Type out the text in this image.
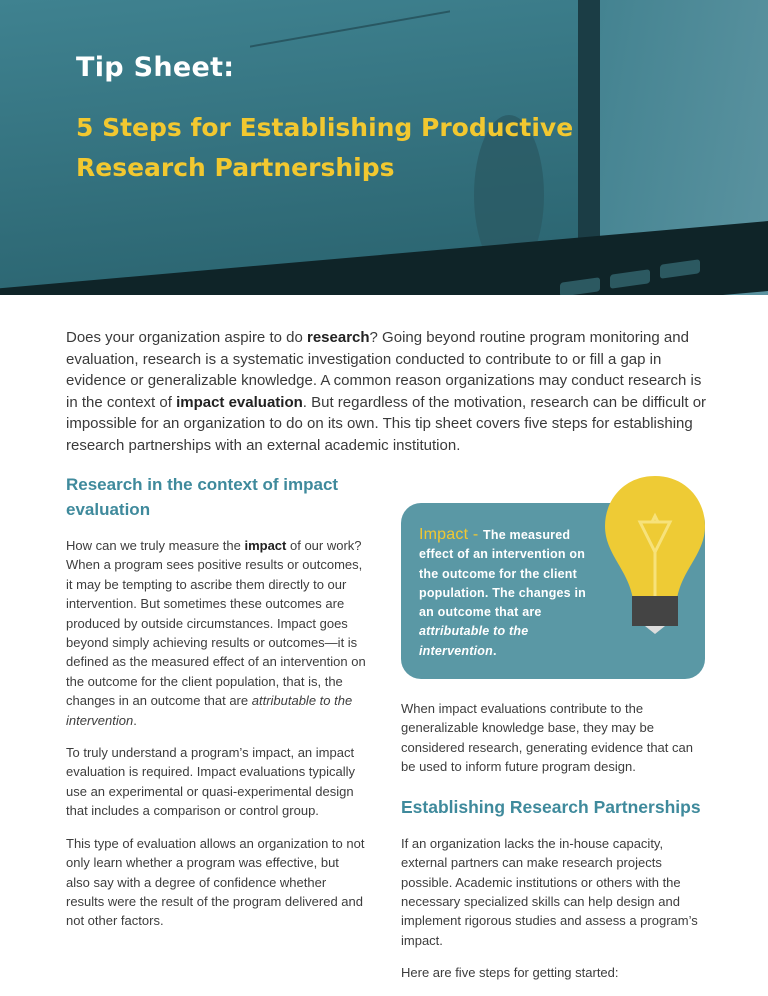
Tip Sheet:
5 Steps for Establishing Productive Research Partnerships
Does your organization aspire to do research? Going beyond routine program monitoring and evaluation, research is a systematic investigation conducted to contribute to or fill a gap in evidence or generalizable knowledge. A common reason organizations may conduct research is in the context of impact evaluation. But regardless of the motivation, research can be difficult or impossible for an organization to do on its own. This tip sheet covers five steps for establishing research partnerships with an external academic institution.
Research in the context of impact evaluation

How can we truly measure the impact of our work? When a program sees positive results or outcomes, it may be tempting to ascribe them directly to our intervention. But sometimes these outcomes are produced by outside circumstances. Impact goes beyond simply achieving results or outcomes—it is defined as the measured effect of an intervention on the outcome for the client population, that is, the changes in an outcome that are attributable to the intervention.

To truly understand a program’s impact, an impact evaluation is required. Impact evaluations typically use an experimental or quasi-experimental design that includes a comparison or control group.

This type of evaluation allows an organization to not only learn whether a program was effective, but also say with a degree of confidence whether results were the result of the program delivered and not other factors.

Impact - The measured effect of an intervention on the outcome for the client population. The changes in an outcome that are attributable to the intervention.

When impact evaluations contribute to the generalizable knowledge base, they may be considered research, generating evidence that can be used to inform future program design.

Establishing Research Partnerships

If an organization lacks the in-house capacity, external partners can make research projects possible. Academic institutions or others with the necessary specialized skills can help design and implement rigorous studies and assess a program’s impact.

Here are five steps for getting started:
